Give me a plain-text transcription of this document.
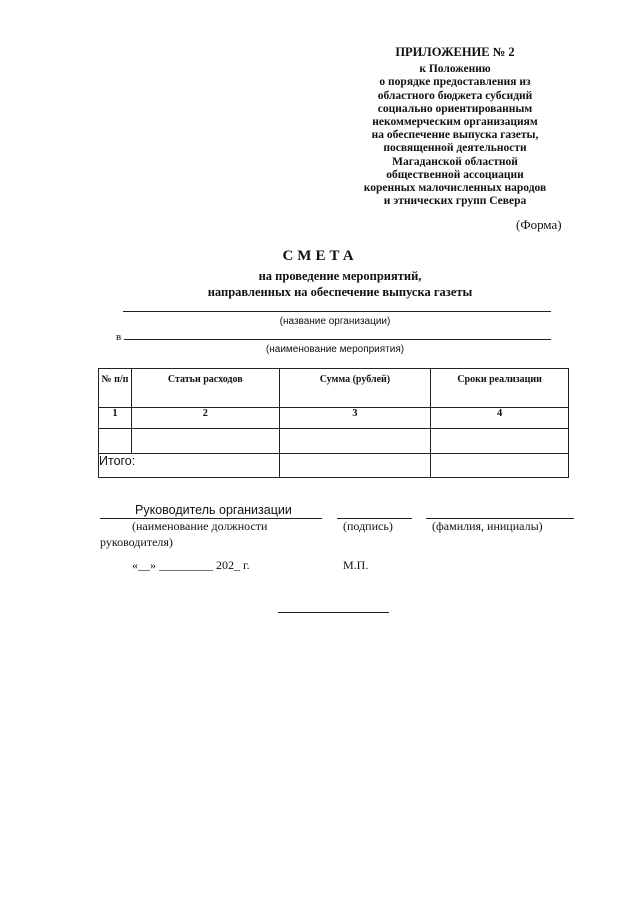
ПРИЛОЖЕНИЕ № 2
к Положению
о порядке предоставления из
областного бюджета субсидий
социально ориентированным
некоммерческим организациям
на обеспечение выпуска газеты,
посвященной деятельности
Магаданской областной
общественной ассоциации
коренных малочисленных народов
и этнических групп Севера
(Форма)
СМЕТА
на проведение мероприятий,
направленных на обеспечение выпуска газеты
(название организации)
в
(наименование мероприятия)
№ п/п	Статьи расходов	Сумма (рублей)	Сроки реализации
1	2	3	4

Итого:			
Руководитель организации
(наименование должности
руководителя)
(подпись)	(фамилия, инициалы)
«__» _________ 202_ г.	М.П.
